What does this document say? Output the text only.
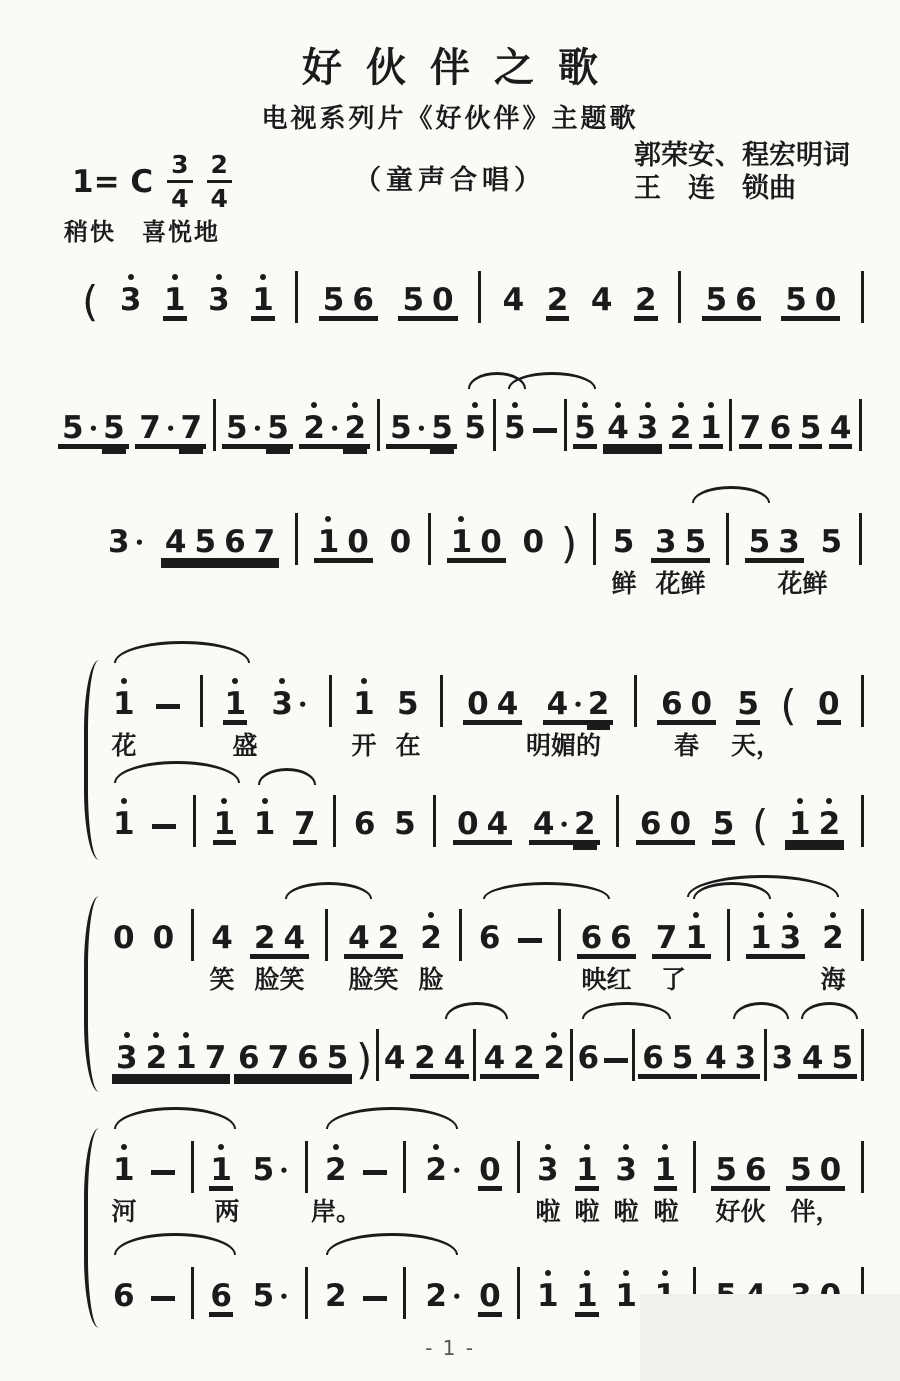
好伙伴之歌
电视系列片《好伙伴》主题歌
1= C $\frac{3}{4} \frac{2}{4}$	（童声合唱）
郭荣安、程宏明词
王　连　锁曲
稍快　喜悦地
( 3 1 3 1 5 6 5 0 4 2 4 2 5 6 5 0
5 • 5 7 • 7 5 • 5 2 • 2 5 • 5 5 5 5 4 3 2 1 7 6 5 4
3 • 4 5 6 7 1 0 0 1 0 0 ) 5 3 5 5 3 5
鲜 花鲜	花鲜
1	1 3 • 1 5 0 4 4 • 2 6 0 5 ( 0
花	盛	开 在	明媚的	春 天，
1	1 1 7 6 5 0 4 4 • 2 6 0 5 ( 1 2
0 0 4 2 4 4 2 2 6	6 6 7 1 1 3 2
笑 脸笑 脸笑 脸	映红 了	海
3 2 1 7 6 7 6 5 ) 4 2 4 4 2 2 6 6 5 4 3 3 4 5
1 1 5 • 2	2 • 0 3 1 3 1 5 6 5 0
河	两	岸。	啦 啦 啦 啦 好伙 伴，
6 6 5 • 2	2 • 0 1 1 1
- 1 -
